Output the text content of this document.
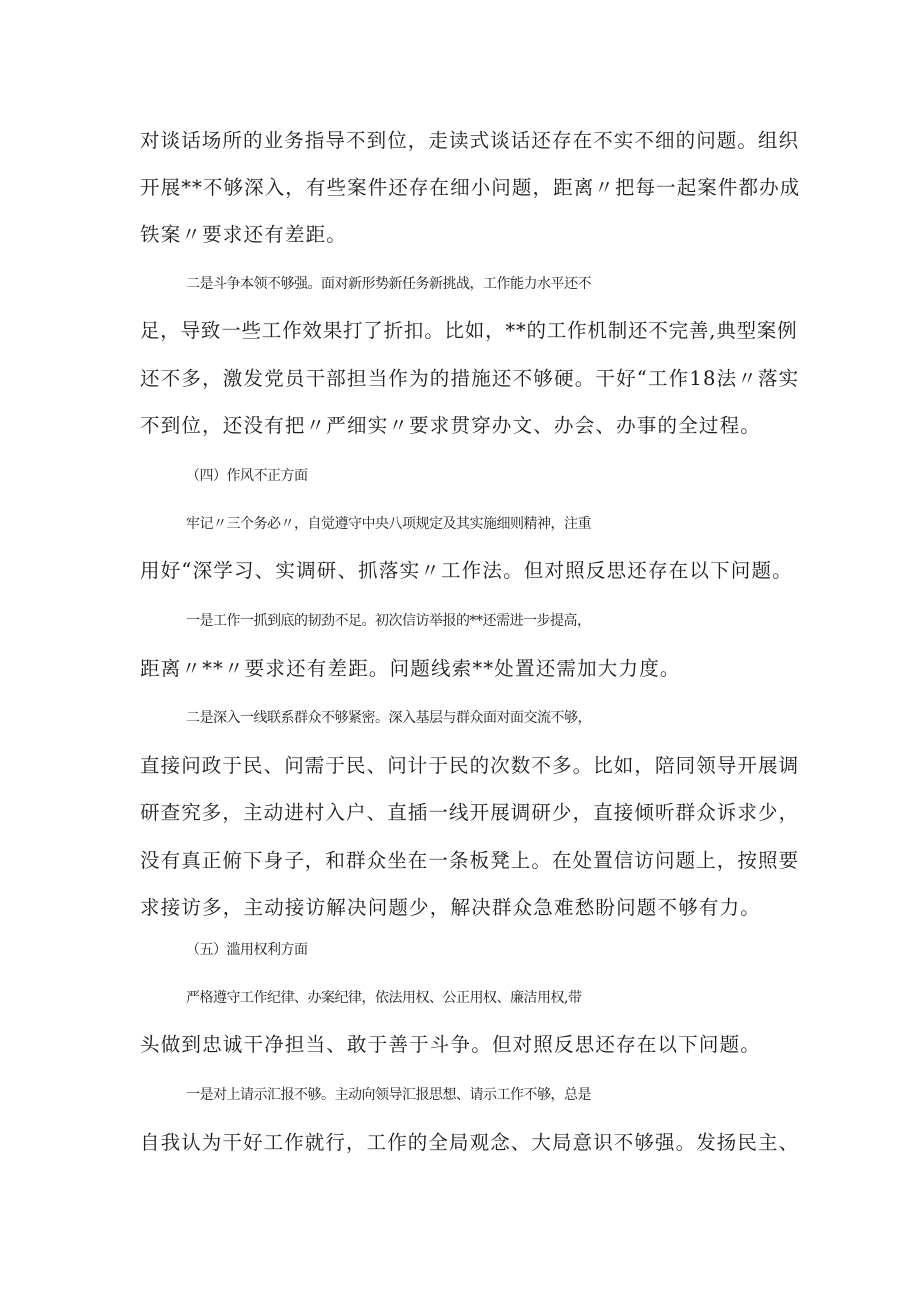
对谈话场所的业务指导不到位，走读式谈话还存在不实不细的问题。组织
开展**不够深入，有些案件还存在细小问题，距离〃把每一起案件都办成
铁案〃要求还有差距。
二是斗争本领不够强。面对新形势新任务新挑战，工作能力水平还不
足，导致一些工作效果打了折扣。比如，**的工作机制还不完善,典型案例
还不多，激发党员干部担当作为的措施还不够硬。干好“工作18法〃落实
不到位，还没有把〃严细实〃要求贯穿办文、办会、办事的全过程。
（四）作风不正方面
牢记〃三个务必〃，自觉遵守中央八项规定及其实施细则精神，注重
用好“深学习、实调研、抓落实〃工作法。但对照反思还存在以下问题。
一是工作一抓到底的韧劲不足。初次信访举报的**还需进一步提高，
距离〃**〃要求还有差距。问题线索**处置还需加大力度。
二是深入一线联系群众不够紧密。深入基层与群众面对面交流不够，
直接问政于民、问需于民、问计于民的次数不多。比如，陪同领导开展调
研查究多，主动进村入户、直插一线开展调研少，直接倾听群众诉求少，
没有真正俯下身子，和群众坐在一条板凳上。在处置信访问题上，按照要
求接访多，主动接访解决问题少，解决群众急难愁盼问题不够有力。
（五）滥用权利方面
严格遵守工作纪律、办案纪律，依法用权、公正用权、廉洁用权,带
头做到忠诚干净担当、敢于善于斗争。但对照反思还存在以下问题。
一是对上请示汇报不够。主动向领导汇报思想、请示工作不够，总是
自我认为干好工作就行，工作的全局观念、大局意识不够强。发扬民主、
